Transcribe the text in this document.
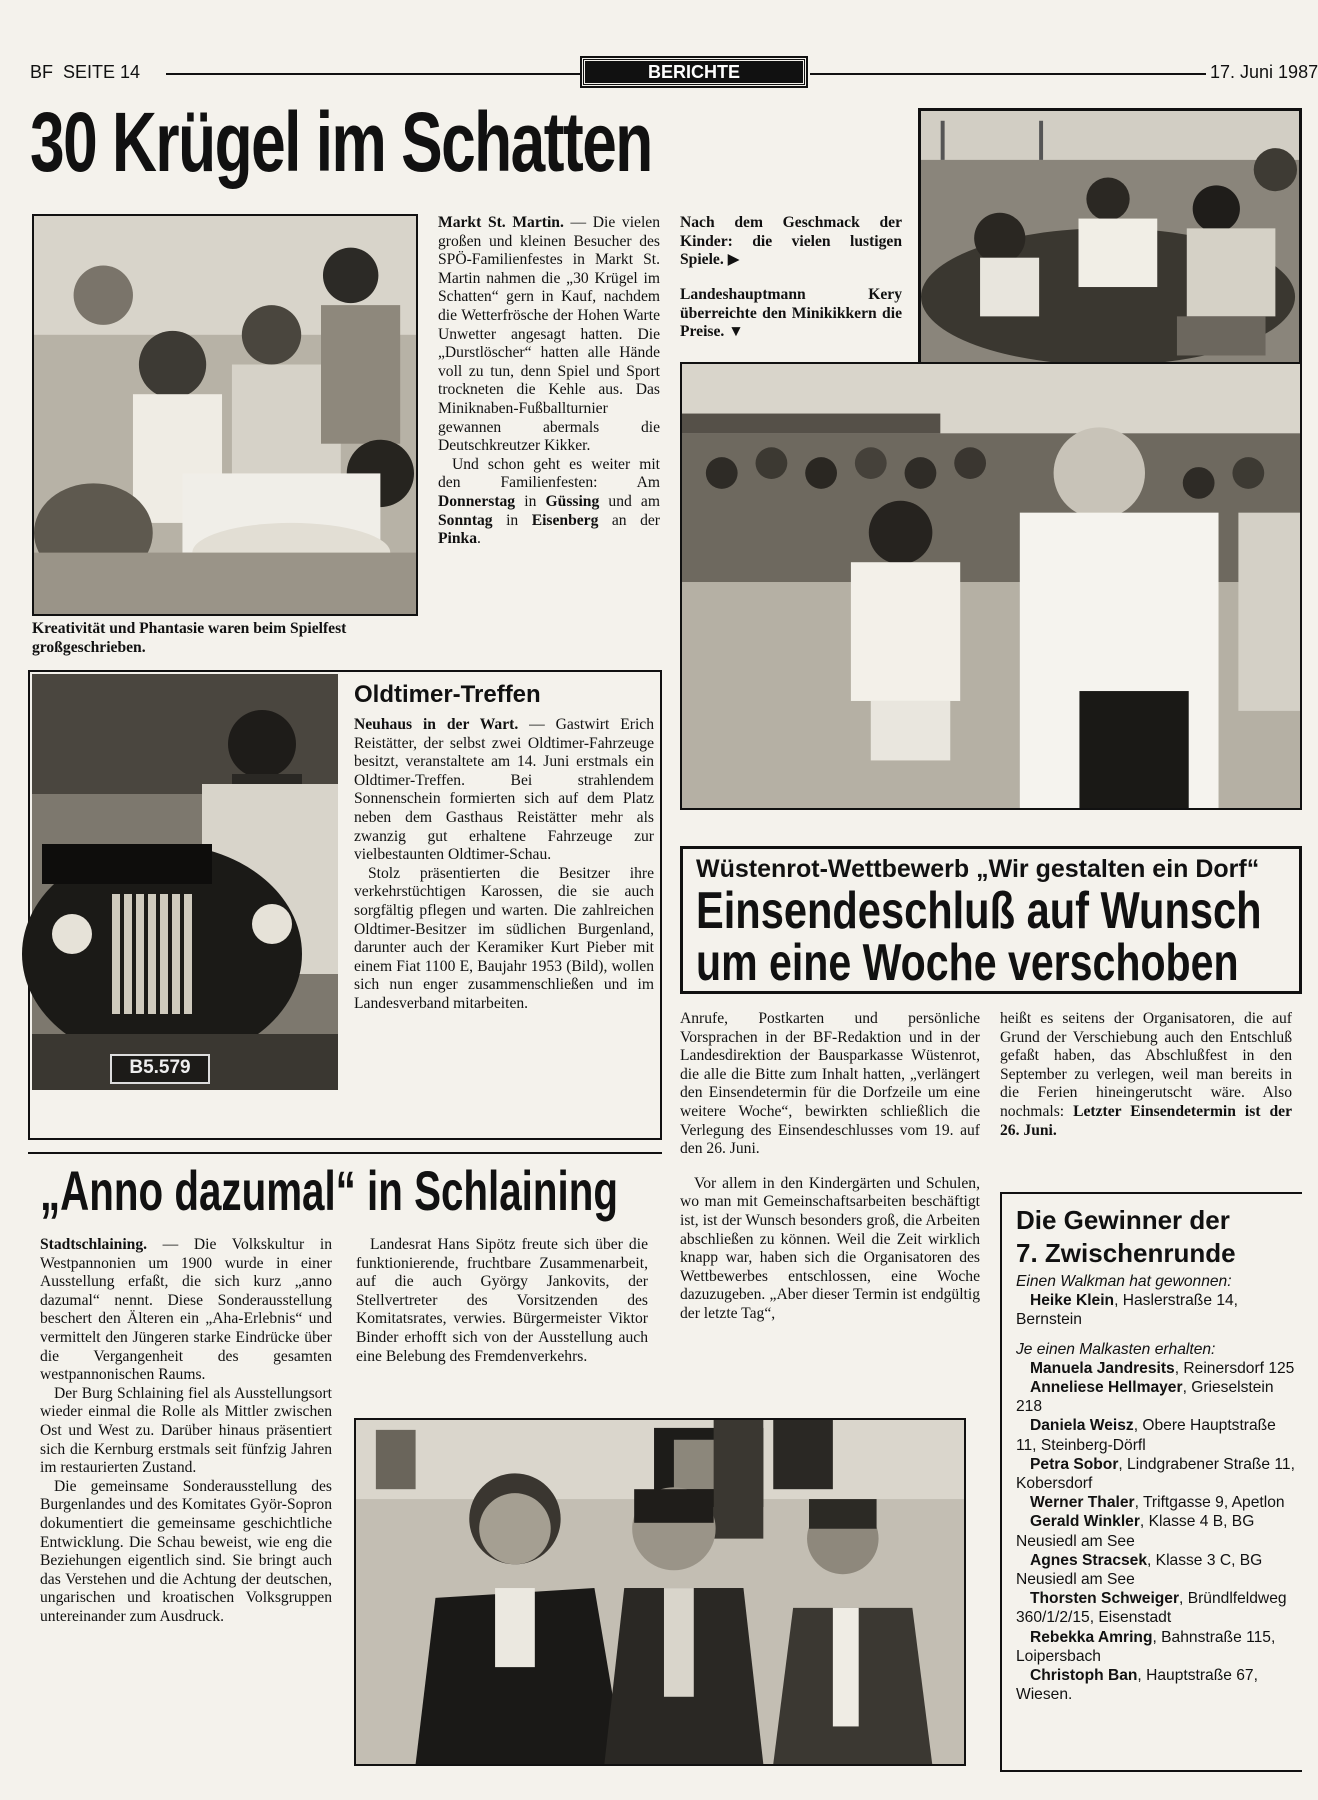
BF  SEITE 14	BERICHTE	17. Juni 1987
30 Krügel im Schatten
Kreativität und Phantasie waren beim Spielfest großgeschrieben.

Markt St. Martin. — Die vielen großen und kleinen Besucher des SPÖ-Familienfestes in Markt St. Martin nahmen die „30 Krügel im Schatten“ gern in Kauf, nachdem die Wetterfrösche der Hohen Warte Unwetter angesagt hatten. Die „Durstlöscher“ hatten alle Hände voll zu tun, denn Spiel und Sport trockneten die Kehle aus. Das Miniknaben-Fußballturnier gewannen abermals die Deutschkreutzer Kikker.

Und schon geht es weiter mit den Familienfesten: Am Donnerstag in Güssing und am Sonntag in Eisenberg an der Pinka.

Nach dem Geschmack der Kinder: die vielen lustigen Spiele. ▶
Landeshauptmann Kery überreichte den Minikikkern die Preise. ▼
B5.579
Oldtimer-Treffen

Neuhaus in der Wart. — Gastwirt Erich Reistätter, der selbst zwei Oldtimer-Fahrzeuge besitzt, veranstaltete am 14. Juni erstmals ein Oldtimer-Treffen. Bei strahlendem Sonnenschein formierten sich auf dem Platz neben dem Gasthaus Reistätter mehr als zwanzig gut erhaltene Fahrzeuge zur vielbestaunten Oldtimer-Schau.

Stolz präsentierten die Besitzer ihre verkehrstüchtigen Karossen, die sie auch sorgfältig pflegen und warten. Die zahlreichen Oldtimer-Besitzer im südlichen Burgenland, darunter auch der Keramiker Kurt Pieber mit einem Fiat 1100 E, Baujahr 1953 (Bild), wollen sich nun enger zusammenschließen und im Landesverband mitarbeiten.

Wüstenrot-Wettbewerb „Wir gestalten ein Dorf“
Einsendeschluß auf Wunsch
um eine Woche verschoben

Anrufe, Postkarten und persönliche Vorsprachen in der BF-Redaktion und in der Landesdirektion der Bausparkasse Wüstenrot, die alle die Bitte zum Inhalt hatten, „verlängert den Einsendetermin für die Dorfzeile um eine weitere Woche“, bewirkten schließlich die Verlegung des Einsendeschlusses vom 19. auf den 26. Juni.

Vor allem in den Kindergärten und Schulen, wo man mit Gemeinschaftsarbeiten beschäftigt ist, ist der Wunsch besonders groß, die Arbeiten abschließen zu können. Weil die Zeit wirklich knapp war, haben sich die Organisatoren des Wettbewerbes entschlossen, eine Woche dazuzugeben. „Aber dieser Termin ist endgültig der letzte Tag“,

heißt es seitens der Organisatoren, die auf Grund der Verschiebung auch den Entschluß gefaßt haben, das Abschlußfest in den September zu verlegen, weil man bereits in die Ferien hineingerutscht wäre. Also nochmals: Letzter Einsendetermin ist der 26. Juni.

„Anno dazumal“ in Schlaining

Stadtschlaining. — Die Volkskultur in Westpannonien um 1900 wurde in einer Ausstellung erfaßt, die sich kurz „anno dazumal“ nennt. Diese Sonderausstellung beschert den Älteren ein „Aha-Erlebnis“ und vermittelt den Jüngeren starke Eindrücke über die Vergangenheit des gesamten westpannonischen Raums.

Der Burg Schlaining fiel als Ausstellungsort wieder einmal die Rolle als Mittler zwischen Ost und West zu. Darüber hinaus präsentiert sich die Kernburg erstmals seit fünfzig Jahren im restaurierten Zustand.

Die gemeinsame Sonderausstellung des Burgenlandes und des Komitates Györ-Sopron dokumentiert die gemeinsame geschichtliche Entwicklung. Die Schau beweist, wie eng die Beziehungen eigentlich sind. Sie bringt auch das Verstehen und die Achtung der deutschen, ungarischen und kroatischen Volksgruppen untereinander zum Ausdruck.

Landesrat Hans Sipötz freute sich über die funktionierende, fruchtbare Zusammenarbeit, auf die auch György Jankovits, der Stellvertreter des Vorsitzenden des Komitatsrates, verwies. Bürgermeister Viktor Binder erhofft sich von der Ausstellung auch eine Belebung des Fremdenverkehrs.

Die Gewinner der
7. Zwischenrunde
Einen Walkman hat gewonnen:
Heike Klein, Haslerstraße 14, Bernstein
Je einen Malkasten erhalten:
Manuela Jandresits, Reinersdorf 125
Anneliese Hellmayer, Grieselstein 218
Daniela Weisz, Obere Hauptstraße 11, Steinberg-Dörfl
Petra Sobor, Lindgrabener Straße 11, Kobersdorf
Werner Thaler, Triftgasse 9, Apetlon
Gerald Winkler, Klasse 4 B, BG Neusiedl am See
Agnes Stracsek, Klasse 3 C, BG Neusiedl am See
Thorsten Schweiger, Bründlfeldweg 360/1/2/15, Eisenstadt
Rebekka Amring, Bahnstraße 115, Loipersbach
Christoph Ban, Hauptstraße 67, Wiesen.
